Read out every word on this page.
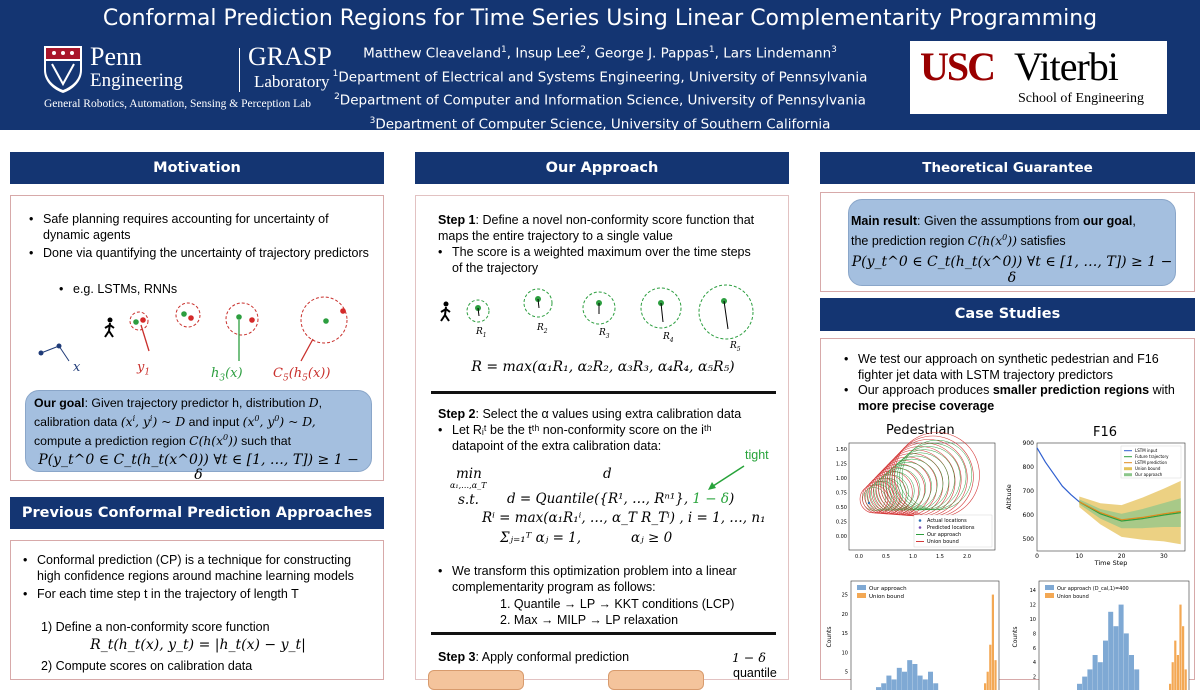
Conformal Prediction Regions for Time Series Using Linear Complementarity Programming
Penn
Engineering
GRASP
Laboratory
General Robotics, Automation, Sensing & Perception Lab
Matthew Cleaveland$^1$, Insup Lee$^2$, George J. Pappas$^1$, Lars Lindemann$^3$
$^1$Department of Electrical and Systems Engineering, University of Pennsylvania
$^2$Department of Computer and Information Science, University of Pennsylvania
$^3$Department of Computer Science, University of Southern California
USC Viterbi
School of Engineering
Motivation
• Safe planning requires accounting for uncertainty of dynamic agents
• Done via quantifying the uncertainty of trajectory predictors
• e.g. LSTMs, RNNs
x	$y_1$	$h_3(x)$ $C_5(h_5(x))$
Our goal: Given trajectory predictor h, distribution D,
calibration data ($x^i$, $y^i$) ~ D and input ($x^0$, $y^0$) ~ D,
compute a prediction region $C(h(x^0))$ such that
P(y_t^0 ∈ C_t(h_t(x^0)) ∀t ∈ [1, …, T]) ≥ 1 − δ
Previous Conformal Prediction Approaches
• Conformal prediction (CP) is a technique for constructing high confidence regions around machine learning models
• For each time step t in the trajectory of length T
1) Define a non-conformity score function
R_t(h_t(x), y_t) = |h_t(x) − y_t|
2) Compute scores on calibration data
Our Approach
Step 1: Define a novel non-conformity score function that maps the entire trajectory to a single value
• The score is a weighted maximum over the time steps of the trajectory
$R_1$
$R_2$	$R_3$	$R_4$
$R_5$
R = max(α₁R₁, α₂R₂, α₃R₃, α₄R₄, α₅R₅)
Step 2: Select the α values using extra calibration data
• Let Rᵢᵗ be the tᵗʰ non-conformity score on the iᵗʰ datapoint of the extra calibration data:
tight
min
α₁,…,α_T
d
s.t. d = Quantile({R¹, …, Rⁿ¹}, 1 − δ)
Rⁱ = max(α₁R₁ⁱ, …, α_T R_Tⁱ) , i = 1, …, n₁
Σⱼ₌₁ᵀ αⱼ = 1,	αⱼ ≥ 0
• We transform this optimization problem into a linear complementarity program as follows:
1. Quantile → LP → KKT conditions (LCP)
2. Max → MILP → LP relaxation
Step 3: Apply conformal prediction	1 − δ
quantile
Theoretical Guarantee
Main result: Given the assumptions from our goal,
the prediction region $C(h(x^0))$ satisfies
P(y_t^0 ∈ C_t(h_t(x^0)) ∀t ∈ [1, …, T]) ≥ 1 − δ
Case Studies
• We test our approach on synthetic pedestrian and F16 fighter jet data with LSTM trajectory predictors
• Our approach produces smaller prediction regions with more precise coverage
Pedestrian	F16
1.50
1.25
1.00
0.75
0.50
0.25
0.00
0.0	0.5	1.0	1.5	2.0
Actual locations
Predicted locations
Our approach
Union bound
900
800
700
600
500
0	10	20	30
Time Step
Altitude
LSTM input
Future trajectory
LSTM prediction
Union bound
Our approach
25
20
15
10
5
Counts
Our approach
Union bound
14
12
10
8
6
4
2
Counts
Our approach (D_cal,1)=400
Union bound
